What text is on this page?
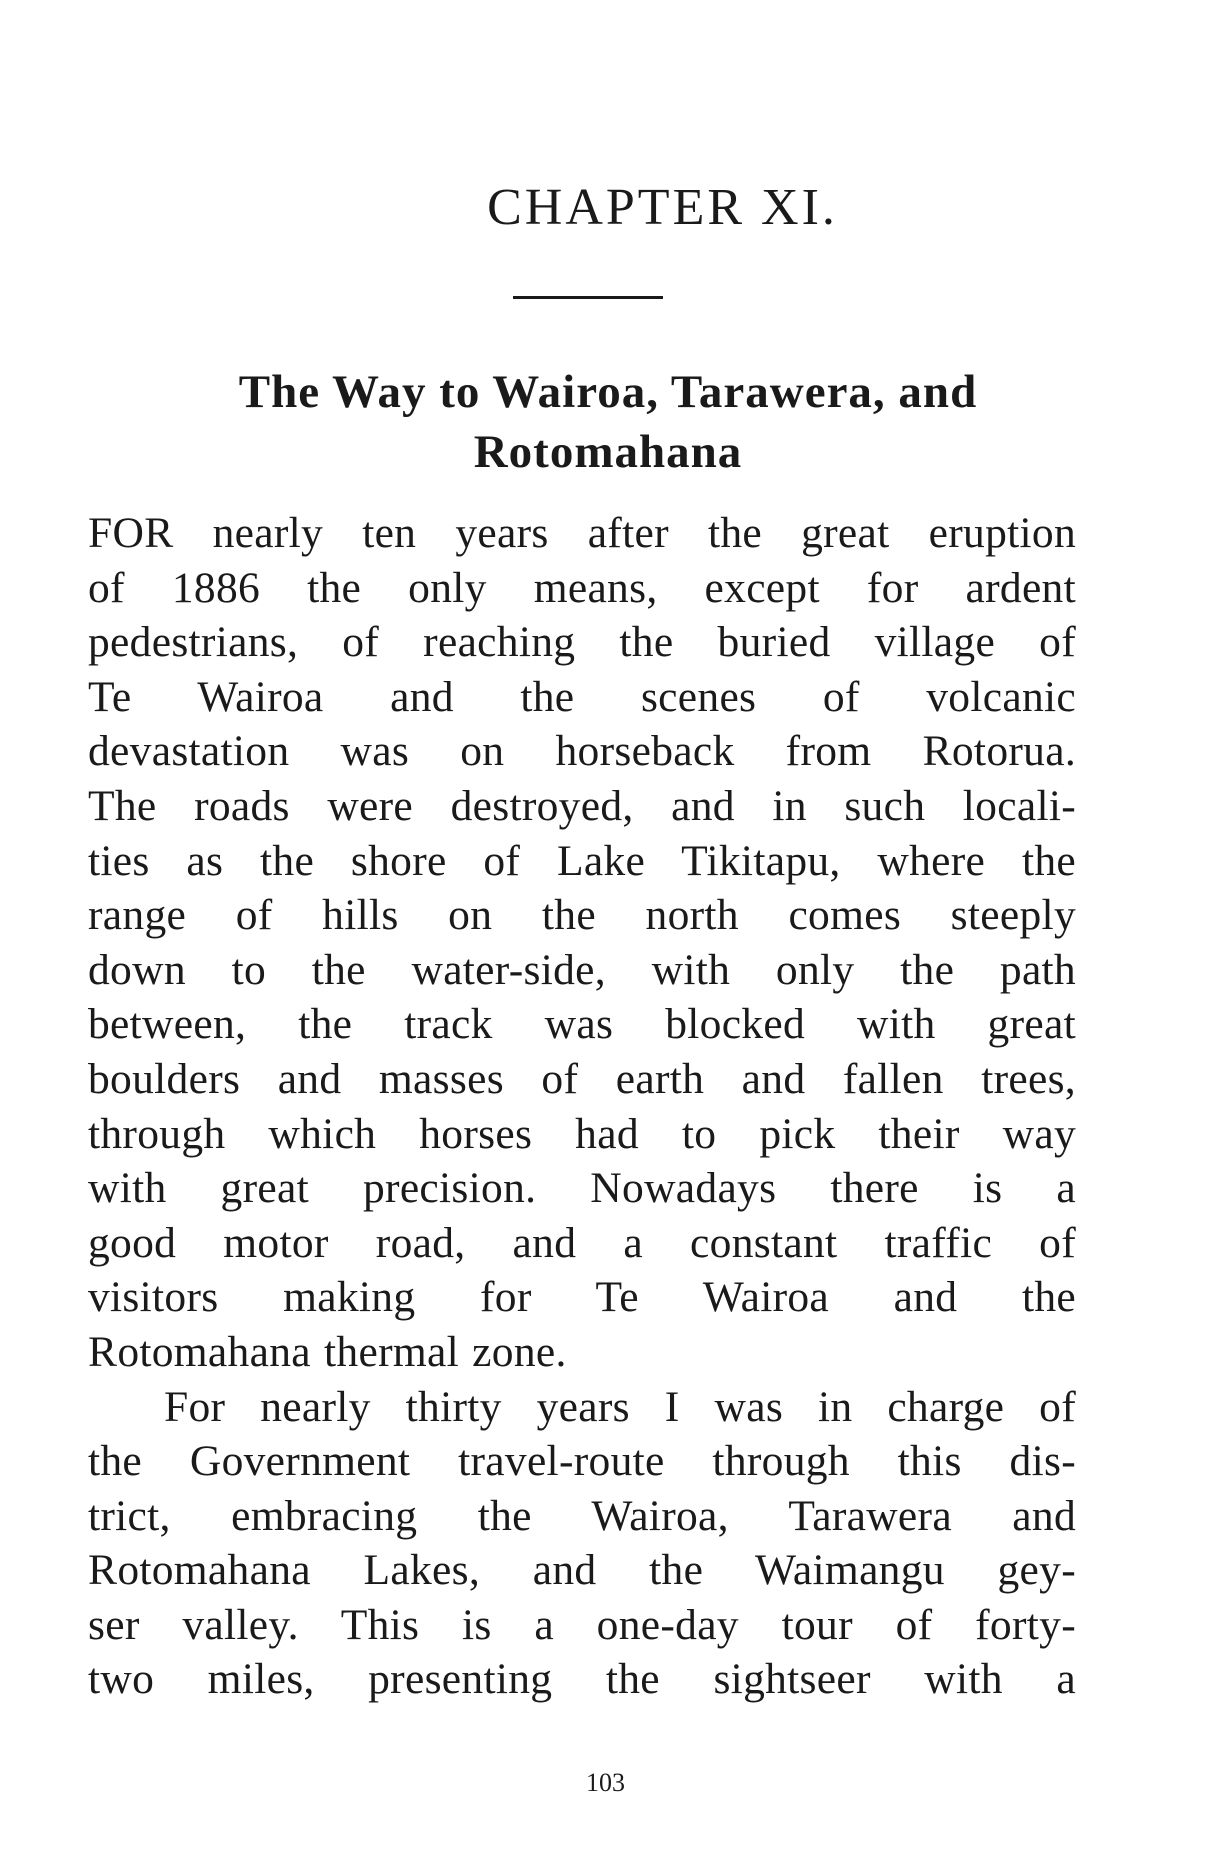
CHAPTER XI.
The Way to Wairoa, Tarawera, and
Rotomahana

FOR nearly ten years after the great eruption
of 1886 the only means, except for ardent
pedestrians, of reaching the buried village of
Te Wairoa and the scenes of volcanic
devastation was on horseback from Rotorua.
The roads were destroyed, and in such locali-
ties as the shore of Lake Tikitapu, where the
range of hills on the north comes steeply
down to the water-side, with only the path
between, the track was blocked with great
boulders and masses of earth and fallen trees,
through which horses had to pick their way
with great precision. Nowadays there is a
good motor road, and a constant traffic of
visitors making for Te Wairoa and the
Rotomahana thermal zone.

For nearly thirty years I was in charge of
the Government travel-route through this dis-
trict, embracing the Wairoa, Tarawera and
Rotomahana Lakes, and the Waimangu gey-
ser valley. This is a one-day tour of forty-
two miles, presenting the sightseer with a

103
